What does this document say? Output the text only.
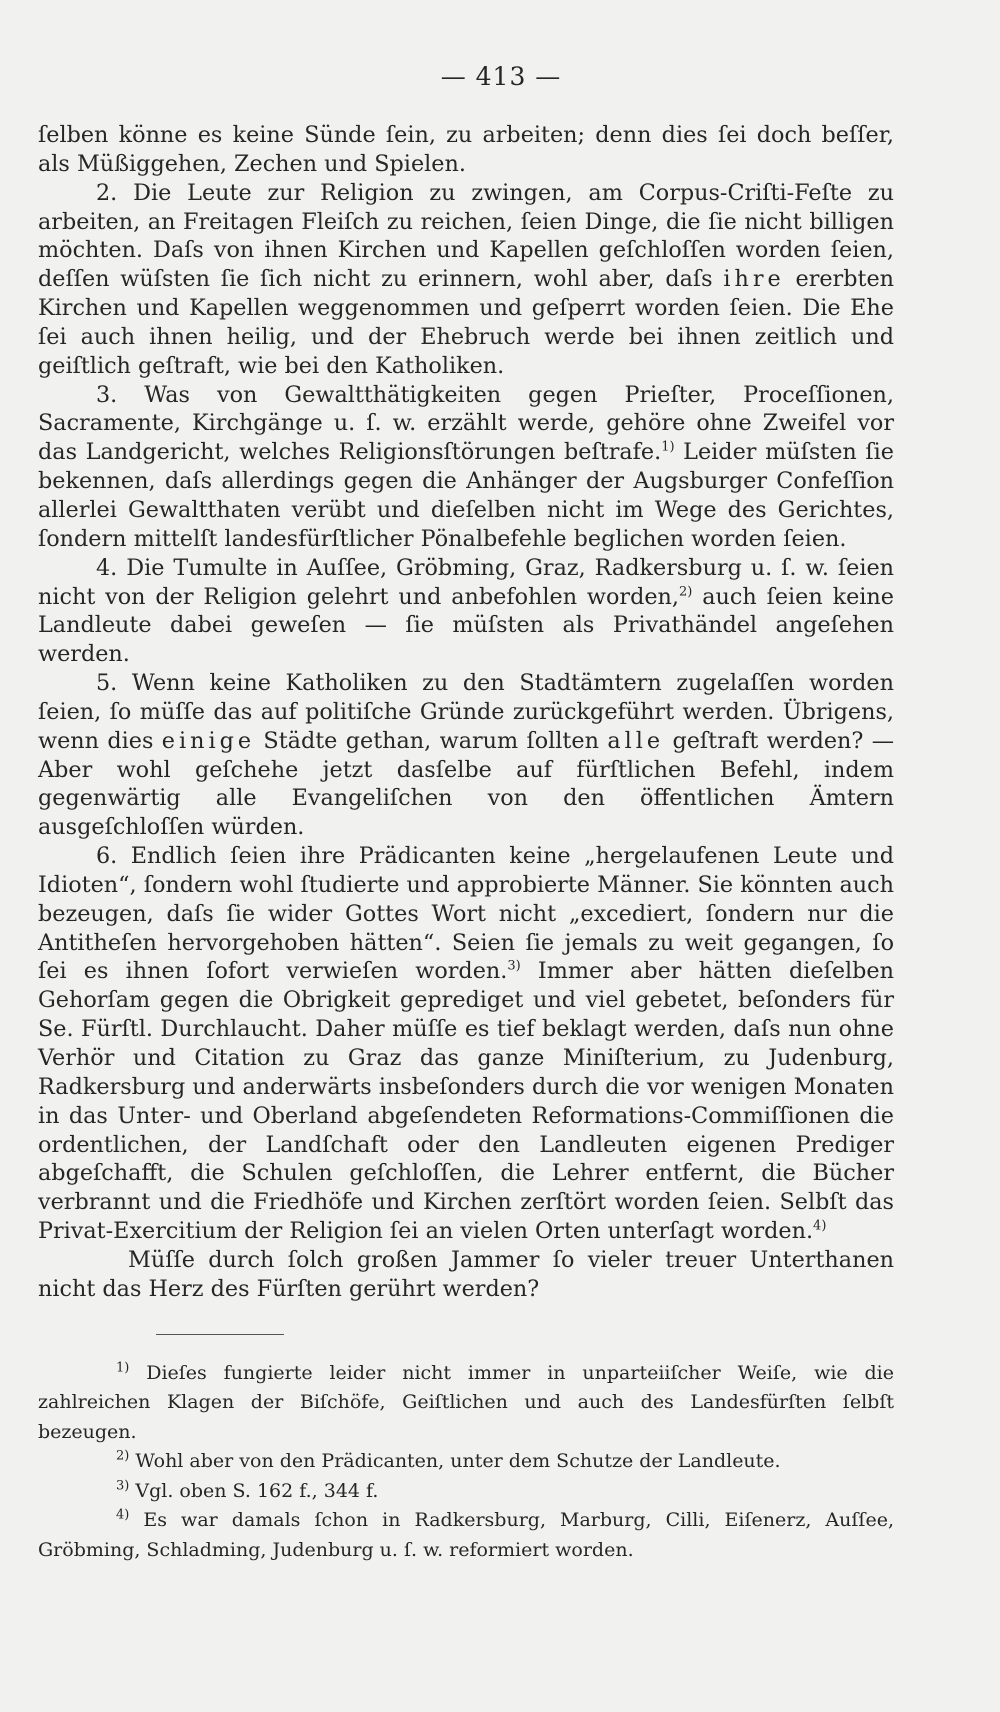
— 413 —

ſelben könne es keine Sünde ſein, zu arbeiten; denn dies ſei doch beſſer, als Müßiggehen, Zechen und Spielen.

2. Die Leute zur Religion zu zwingen, am Corpus-Criſti-Feſte zu arbeiten, an Freitagen Fleiſch zu reichen, ſeien Dinge, die ſie nicht billigen möchten. Daſs von ihnen Kirchen und Kapellen geſchloſſen worden ſeien, deſſen wüſsten ſie ſich nicht zu erinnern, wohl aber, daſs ihre ererbten Kirchen und Kapellen weggenommen und geſperrt worden ſeien. Die Ehe ſei auch ihnen heilig, und der Ehebruch werde bei ihnen zeitlich und geiſtlich geſtraft, wie bei den Katholiken.

3. Was von Gewaltthätigkeiten gegen Prieſter, Proceſſionen, Sacramente, Kirchgänge u. ſ. w. erzählt werde, gehöre ohne Zweifel vor das Landgericht, welches Religionsſtörungen beſtrafe.$^{1)}$ Leider müſsten ſie bekennen, daſs allerdings gegen die Anhänger der Augsburger Confeſſion allerlei Gewaltthaten verübt und dieſelben nicht im Wege des Gerichtes, ſondern mittelſt landesfürſtlicher Pönalbefehle beglichen worden ſeien.

4. Die Tumulte in Auſſee, Gröbming, Graz, Radkersburg u. ſ. w. ſeien nicht von der Religion gelehrt und anbefohlen worden,$^{2)}$ auch ſeien keine Landleute dabei geweſen — ſie müſsten als Privathändel angeſehen werden.

5. Wenn keine Katholiken zu den Stadtämtern zugelaſſen worden ſeien, ſo müſſe das auf politiſche Gründe zurückgeführt werden. Übrigens, wenn dies einige Städte gethan, warum ſollten alle geſtraft werden? — Aber wohl geſchehe jetzt dasſelbe auf fürſtlichen Befehl, indem gegenwärtig alle Evangeliſchen von den öffentlichen Ämtern ausgeſchloſſen würden.

6. Endlich ſeien ihre Prädicanten keine „hergelaufenen Leute und Idioten“, ſondern wohl ſtudierte und approbierte Männer. Sie könnten auch bezeugen, daſs ſie wider Gottes Wort nicht „excediert, ſondern nur die Antitheſen hervorgehoben hätten“. Seien ſie jemals zu weit gegangen, ſo ſei es ihnen ſofort verwieſen worden.$^{3)}$ Immer aber hätten dieſelben Gehorſam gegen die Obrigkeit geprediget und viel gebetet, beſonders für Se. Fürſtl. Durchlaucht. Daher müſſe es tief beklagt werden, daſs nun ohne Verhör und Citation zu Graz das ganze Miniſterium, zu Judenburg, Radkersburg und anderwärts insbeſonders durch die vor wenigen Monaten in das Unter- und Oberland abgeſendeten Reformations-Commiſſionen die ordentlichen, der Landſchaft oder den Landleuten eigenen Prediger abgeſchafft, die Schulen geſchloſſen, die Lehrer entfernt, die Bücher verbrannt und die Friedhöfe und Kirchen zerſtört worden ſeien. Selbſt das Privat-Exercitium der Religion ſei an vielen Orten unterſagt worden.$^{4)}$

Müſſe durch ſolch großen Jammer ſo vieler treuer Unterthanen nicht das Herz des Fürſten gerührt werden?

$^{1)}$ Dieſes fungierte leider nicht immer in unparteiiſcher Weiſe, wie die zahlreichen Klagen der Biſchöfe, Geiſtlichen und auch des Landesfürſten ſelbſt bezeugen.

$^{2)}$ Wohl aber von den Prädicanten, unter dem Schutze der Landleute.

$^{3)}$ Vgl. oben S. 162 f., 344 f.

$^{4)}$ Es war damals ſchon in Radkersburg, Marburg, Cilli, Eiſenerz, Auſſee, Gröbming, Schladming, Judenburg u. ſ. w. reformiert worden.
